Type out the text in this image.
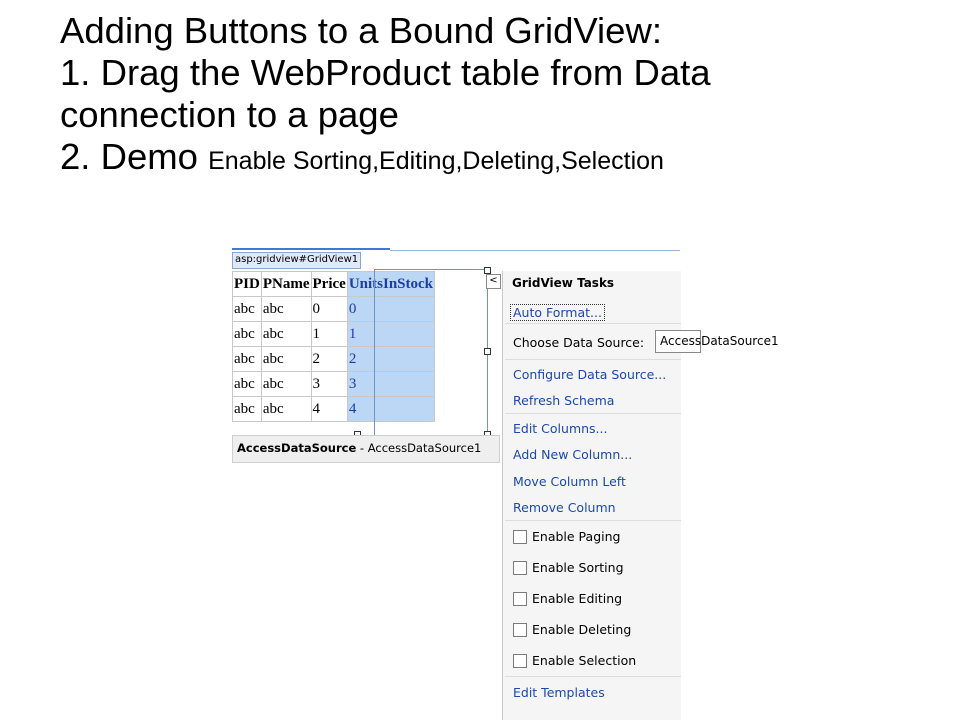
Adding Buttons to a Bound GridView:
1. Drag the WebProduct table from Data
connection to a page
2. Demo Enable Sorting,Editing,Deleting,Selection
asp:gridview#GridView1
PID	PName	Price	UnitsInStock
abc	abc	0	0
abc	abc	1	1
abc	abc	2	2
abc	abc	3	3
abc	abc	4	4
<
AccessDataSource - AccessDataSource1
GridView Tasks
Auto Format...
Choose Data Source:	AccessDataSource1
Configure Data Source...
Refresh Schema
Edit Columns...
Add New Column...
Move Column Left
Remove Column
Enable Paging
Enable Sorting
Enable Editing
Enable Deleting
Enable Selection
Edit Templates
